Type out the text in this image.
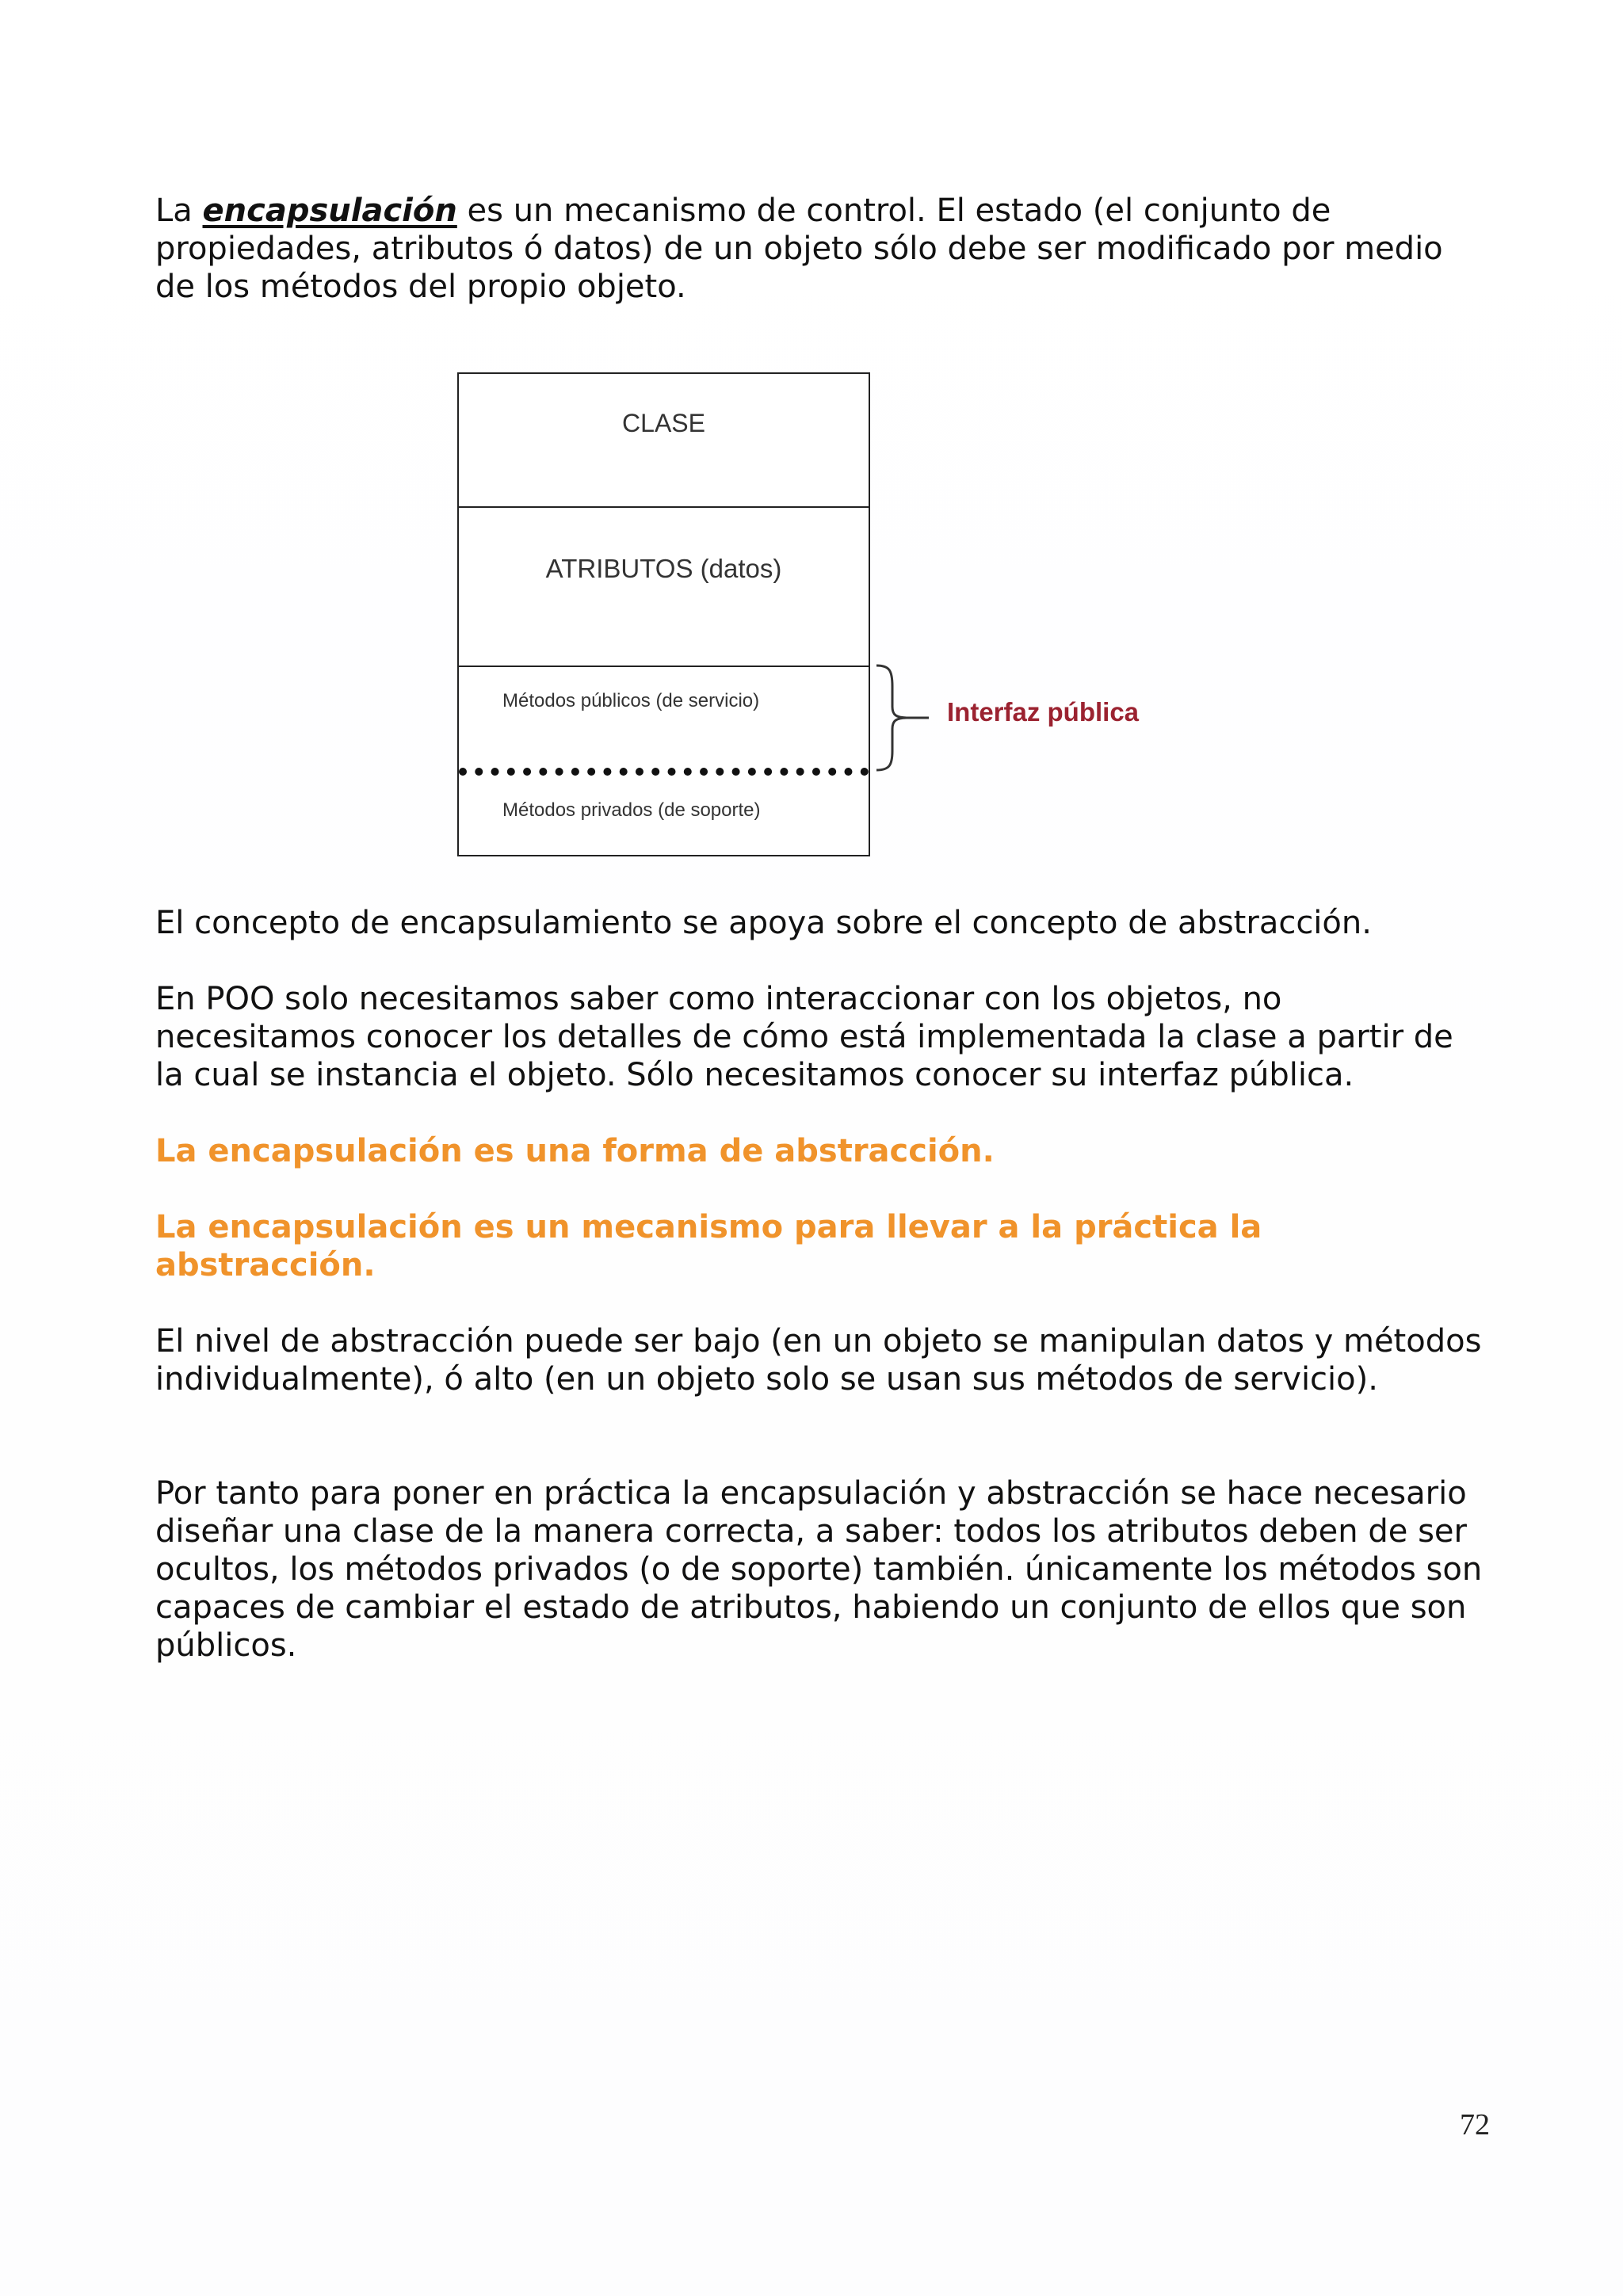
La encapsulación es un mecanismo de control. El estado (el conjunto de propiedades, atributos ó datos) de un objeto sólo debe ser modificado por medio de los métodos del propio objeto.

CLASE
ATRIBUTOS (datos)
Métodos públicos (de servicio)
Métodos privados (de soporte)
Interfaz pública

El concepto de encapsulamiento se apoya sobre el concepto de abstracción.

En POO solo necesitamos saber como interaccionar con los objetos, no necesitamos conocer los detalles de cómo está implementada la clase a partir de la cual se instancia el objeto. Sólo necesitamos conocer su interfaz pública.

La encapsulación es una forma de abstracción.

La encapsulación es un mecanismo para llevar a la práctica la abstracción.

El nivel de abstracción puede ser bajo (en un objeto se manipulan datos y métodos individualmente), ó alto (en un objeto solo se usan sus métodos de servicio).

Por tanto para poner en práctica la encapsulación y abstracción se hace necesario diseñar una clase de la manera correcta, a saber: todos los atributos deben de ser ocultos, los métodos privados (o de soporte) también. únicamente los métodos son capaces de cambiar el estado de atributos, habiendo un conjunto de ellos que son públicos.

72
